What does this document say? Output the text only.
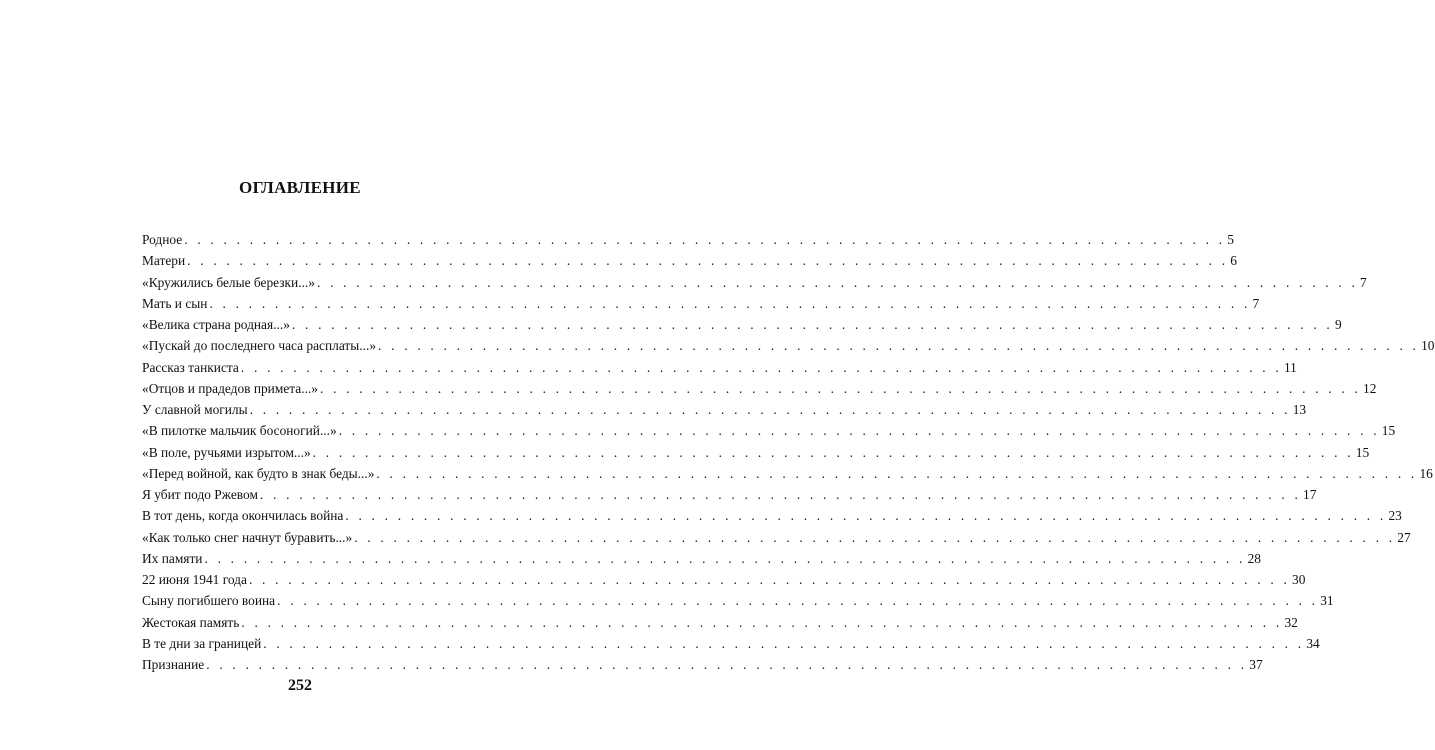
ОГЛАВЛЕНИЕ
Родное . . . . . . . . . . . . . . . . . . . . . . . . . . . . . . . . . . . . . . . . . . . . . . . . . . . . . . . . . . . . . . . . . . . . . . . . . . . . . . . . 5
Матери . . . . . . . . . . . . . . . . . . . . . . . . . . . . . . . . . . . . . . . . . . . . . . . . . . . . . . . . . . . . . . . . . . . . . . . . . . . . . . . . 6
«Кружились белые березки...» . . . . . . . . . . . . . . . . . . . . . . . . . . . . . . . . . . . . . . . . . . . . . . . . . . . . . . . . . . . . . . . . . . . . . . . . . . . . . . . . 7
Мать и сын . . . . . . . . . . . . . . . . . . . . . . . . . . . . . . . . . . . . . . . . . . . . . . . . . . . . . . . . . . . . . . . . . . . . . . . . . . . . . . . . 7
«Велика страна родная...» . . . . . . . . . . . . . . . . . . . . . . . . . . . . . . . . . . . . . . . . . . . . . . . . . . . . . . . . . . . . . . . . . . . . . . . . . . . . . . . . 9
«Пускай до последнего часа расплаты...» . . . . . . . . . . . . . . . . . . . . . . . . . . . . . . . . . . . . . . . . . . . . . . . . . . . . . . . . . . . . . . . . . . . . . . . . . . . . . . . . 10
Рассказ танкиста . . . . . . . . . . . . . . . . . . . . . . . . . . . . . . . . . . . . . . . . . . . . . . . . . . . . . . . . . . . . . . . . . . . . . . . . . . . . . . . . 11
«Отцов и прадедов примета...» . . . . . . . . . . . . . . . . . . . . . . . . . . . . . . . . . . . . . . . . . . . . . . . . . . . . . . . . . . . . . . . . . . . . . . . . . . . . . . . . 12
У славной могилы . . . . . . . . . . . . . . . . . . . . . . . . . . . . . . . . . . . . . . . . . . . . . . . . . . . . . . . . . . . . . . . . . . . . . . . . . . . . . . . . 13
«В пилотке мальчик босоногий...» . . . . . . . . . . . . . . . . . . . . . . . . . . . . . . . . . . . . . . . . . . . . . . . . . . . . . . . . . . . . . . . . . . . . . . . . . . . . . . . . 15
«В поле, ручьями изрытом...» . . . . . . . . . . . . . . . . . . . . . . . . . . . . . . . . . . . . . . . . . . . . . . . . . . . . . . . . . . . . . . . . . . . . . . . . . . . . . . . . 15
«Перед войной, как будто в знак беды...» . . . . . . . . . . . . . . . . . . . . . . . . . . . . . . . . . . . . . . . . . . . . . . . . . . . . . . . . . . . . . . . . . . . . . . . . . . . . . . . . 16
Я убит подо Ржевом . . . . . . . . . . . . . . . . . . . . . . . . . . . . . . . . . . . . . . . . . . . . . . . . . . . . . . . . . . . . . . . . . . . . . . . . . . . . . . . . 17
В тот день, когда окончилась война . . . . . . . . . . . . . . . . . . . . . . . . . . . . . . . . . . . . . . . . . . . . . . . . . . . . . . . . . . . . . . . . . . . . . . . . . . . . . . . . 23
«Как только снег начнут буравить...» . . . . . . . . . . . . . . . . . . . . . . . . . . . . . . . . . . . . . . . . . . . . . . . . . . . . . . . . . . . . . . . . . . . . . . . . . . . . . . . . 27
Их памяти . . . . . . . . . . . . . . . . . . . . . . . . . . . . . . . . . . . . . . . . . . . . . . . . . . . . . . . . . . . . . . . . . . . . . . . . . . . . . . . . 28
22 июня 1941 года . . . . . . . . . . . . . . . . . . . . . . . . . . . . . . . . . . . . . . . . . . . . . . . . . . . . . . . . . . . . . . . . . . . . . . . . . . . . . . . . 30
Сыну погибшего воина . . . . . . . . . . . . . . . . . . . . . . . . . . . . . . . . . . . . . . . . . . . . . . . . . . . . . . . . . . . . . . . . . . . . . . . . . . . . . . . . 31
Жестокая память . . . . . . . . . . . . . . . . . . . . . . . . . . . . . . . . . . . . . . . . . . . . . . . . . . . . . . . . . . . . . . . . . . . . . . . . . . . . . . . . 32
В те дни за границей . . . . . . . . . . . . . . . . . . . . . . . . . . . . . . . . . . . . . . . . . . . . . . . . . . . . . . . . . . . . . . . . . . . . . . . . . . . . . . . . 34
Признание . . . . . . . . . . . . . . . . . . . . . . . . . . . . . . . . . . . . . . . . . . . . . . . . . . . . . . . . . . . . . . . . . . . . . . . . . . . . . . . . 37
252
